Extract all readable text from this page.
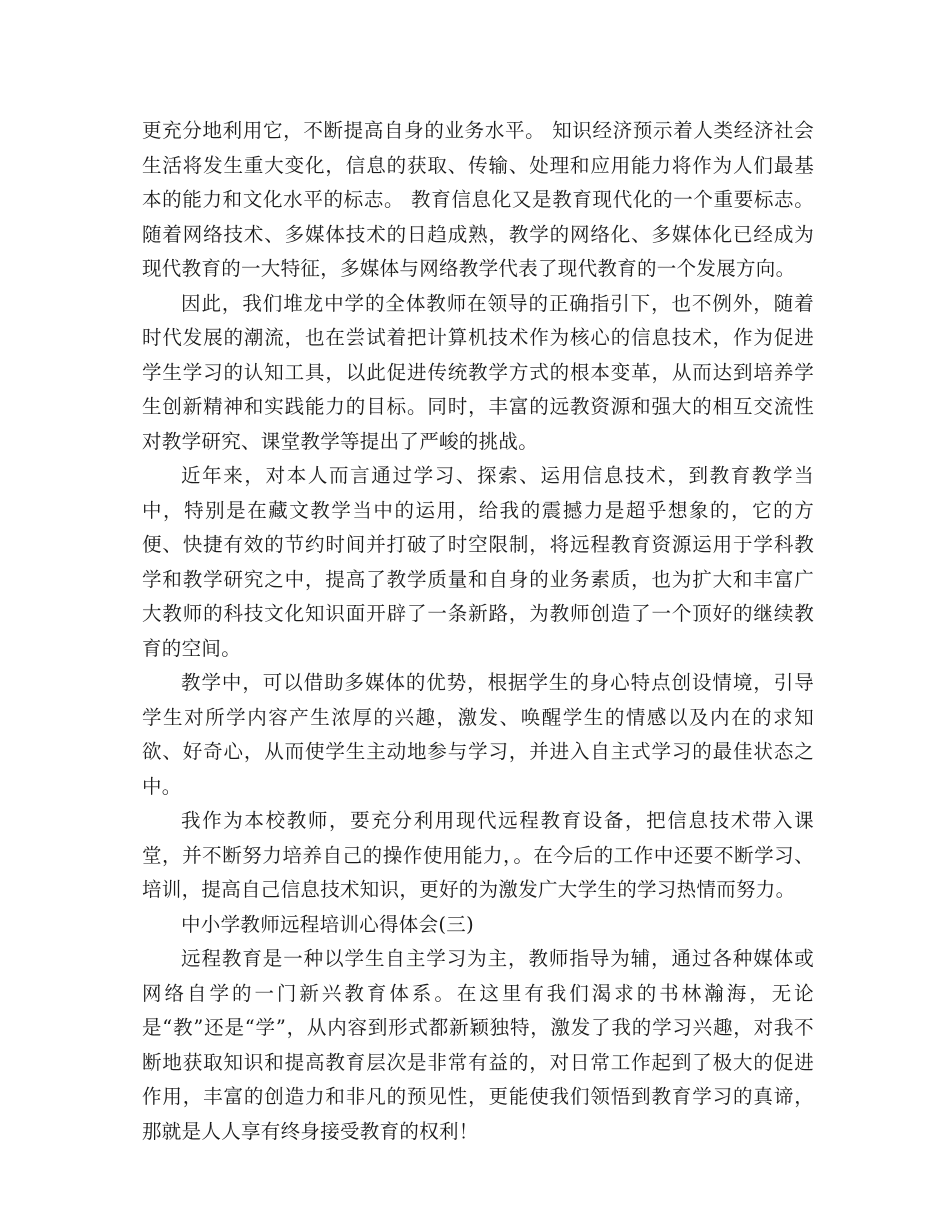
更充分地利用它，不断提高自身的业务水平。 知识经济预示着人类经济社会生活将发生重大变化，信息的获取、传输、处理和应用能力将作为人们最基本的能力和文化水平的标志。 教育信息化又是教育现代化的一个重要标志。随着网络技术、多媒体技术的日趋成熟，教学的网络化、多媒体化已经成为现代教育的一大特征，多媒体与网络教学代表了现代教育的一个发展方向。

因此，我们堆龙中学的全体教师在领导的正确指引下，也不例外，随着时代发展的潮流，也在尝试着把计算机技术作为核心的信息技术，作为促进学生学习的认知工具，以此促进传统教学方式的根本变革，从而达到培养学生创新精神和实践能力的目标。同时，丰富的远教资源和强大的相互交流性对教学研究、课堂教学等提出了严峻的挑战。

近年来，对本人而言通过学习、探索、运用信息技术，到教育教学当中，特别是在藏文教学当中的运用，给我的震撼力是超乎想象的，它的方便、快捷有效的节约时间并打破了时空限制，将远程教育资源运用于学科教学和教学研究之中，提高了教学质量和自身的业务素质，也为扩大和丰富广大教师的科技文化知识面开辟了一条新路，为教师创造了一个顶好的继续教育的空间。

教学中，可以借助多媒体的优势，根据学生的身心特点创设情境，引导学生对所学内容产生浓厚的兴趣，激发、唤醒学生的情感以及内在的求知欲、好奇心，从而使学生主动地参与学习，并进入自主式学习的最佳状态之中。

我作为本校教师，要充分利用现代远程教育设备，把信息技术带入课堂，并不断努力培养自己的操作使用能力，。在今后的工作中还要不断学习、培训，提高自己信息技术知识，更好的为激发广大学生的学习热情而努力。

中小学教师远程培训心得体会(三)

远程教育是一种以学生自主学习为主，教师指导为辅，通过各种媒体或网络自学的一门新兴教育体系。在这里有我们渴求的书林瀚海，无论是“教”还是“学”，从内容到形式都新颖独特，激发了我的学习兴趣，对我不断地获取知识和提高教育层次是非常有益的，对日常工作起到了极大的促进作用，丰富的创造力和非凡的预见性，更能使我们领悟到教育学习的真谛，那就是人人享有终身接受教育的权利！
